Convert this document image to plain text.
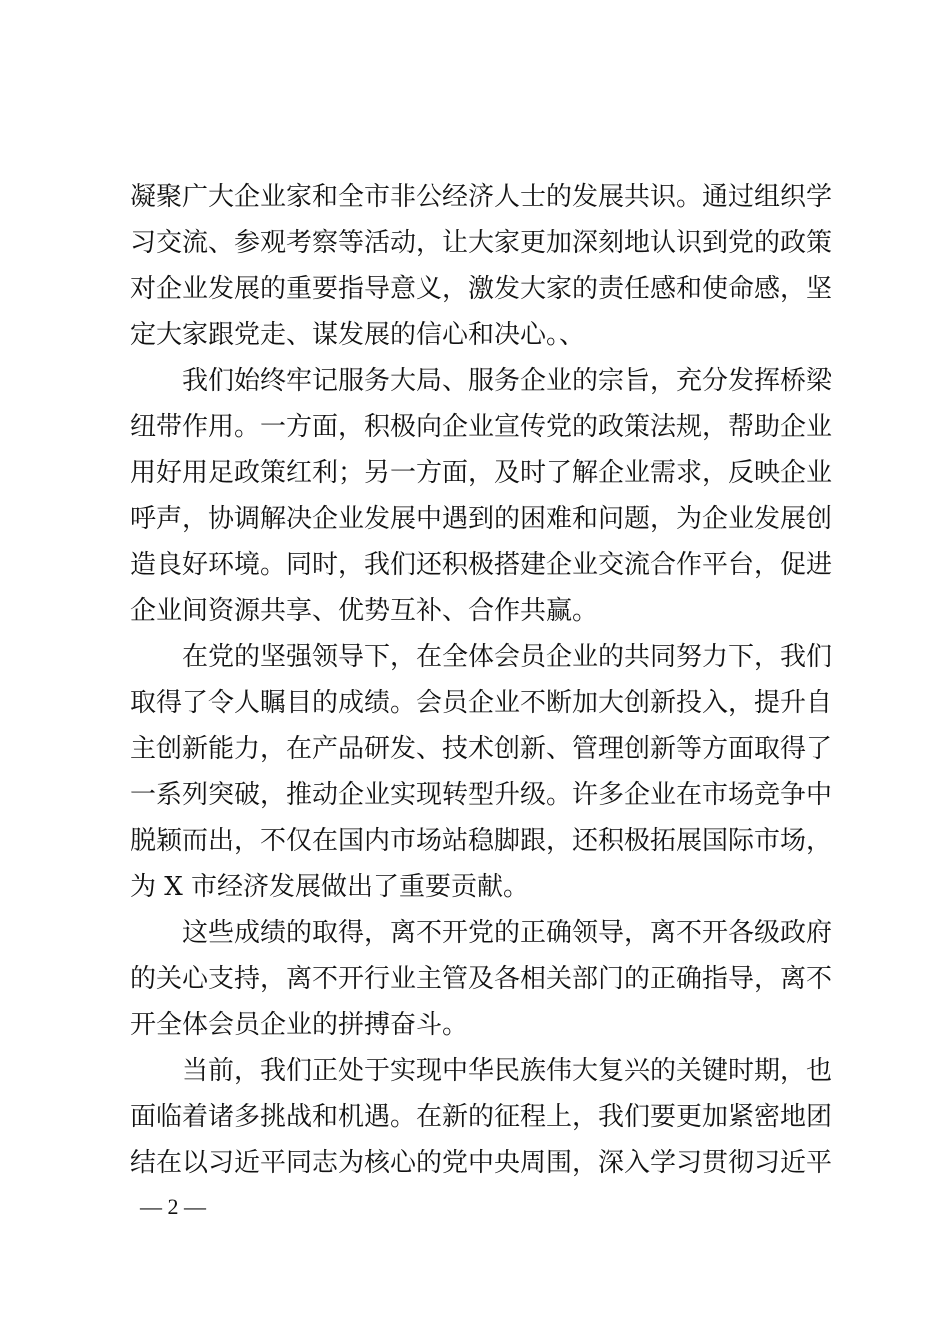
凝聚广大企业家和全市非公经济人士的发展共识。通过组织学
习交流、参观考察等活动，让大家更加深刻地认识到党的政策
对企业发展的重要指导意义，激发大家的责任感和使命感，坚
定大家跟党走、谋发展的信心和决心。、
我们始终牢记服务大局、服务企业的宗旨，充分发挥桥梁
纽带作用。一方面，积极向企业宣传党的政策法规，帮助企业
用好用足政策红利；另一方面，及时了解企业需求，反映企业
呼声，协调解决企业发展中遇到的困难和问题，为企业发展创
造良好环境。同时，我们还积极搭建企业交流合作平台，促进
企业间资源共享、优势互补、合作共赢。
在党的坚强领导下，在全体会员企业的共同努力下，我们
取得了令人瞩目的成绩。会员企业不断加大创新投入，提升自
主创新能力，在产品研发、技术创新、管理创新等方面取得了
一系列突破，推动企业实现转型升级。许多企业在市场竞争中
脱颖而出，不仅在国内市场站稳脚跟，还积极拓展国际市场，
为 X 市经济发展做出了重要贡献。
这些成绩的取得，离不开党的正确领导，离不开各级政府
的关心支持，离不开行业主管及各相关部门的正确指导，离不
开全体会员企业的拼搏奋斗。
当前，我们正处于实现中华民族伟大复兴的关键时期，也
面临着诸多挑战和机遇。在新的征程上，我们要更加紧密地团
结在以习近平同志为核心的党中央周围，深入学习贯彻习近平
— 2 —
